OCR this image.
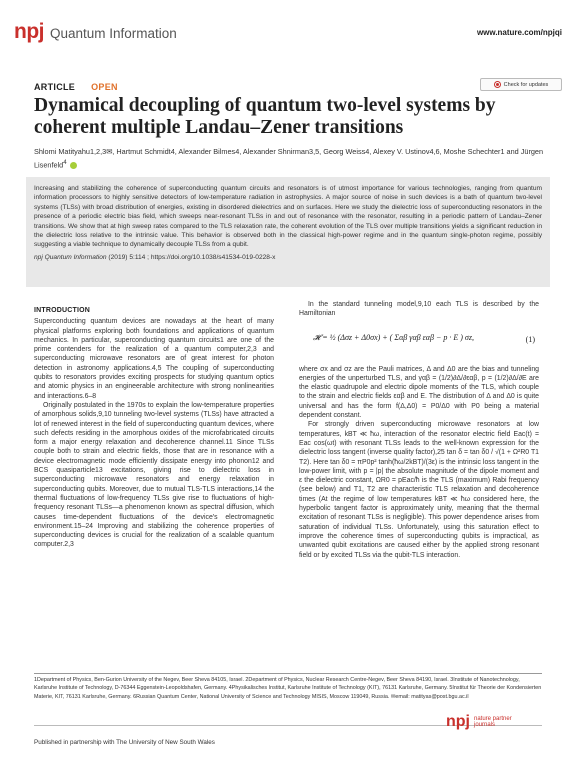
npj Quantum Information	www.nature.com/npjqi
ARTICLE OPEN	Check for updates
Dynamical decoupling of quantum two-level systems by coherent multiple Landau–Zener transitions
Shlomi Matityahu1,2,3✉, Hartmut Schmidt4, Alexander Bilmes4, Alexander Shnirman3,5, Georg Weiss4, Alexey V. Ustinov4,6, Moshe Schechter1 and Jürgen Lisenfeld$^4$

Increasing and stabilizing the coherence of superconducting quantum circuits and resonators is of utmost importance for various technologies, ranging from quantum information processors to highly sensitive detectors of low-temperature radiation in astrophysics. A major source of noise in such devices is a bath of quantum two-level systems (TLSs) with broad distribution of energies, existing in disordered dielectrics and on surfaces. Here we study the dielectric loss of superconducting resonators in the presence of a periodic electric bias field, which sweeps near-resonant TLSs in and out of resonance with the resonator, resulting in a periodic pattern of Landau–Zener transitions. We show that at high sweep rates compared to the TLS relaxation rate, the coherent evolution of the TLS over multiple transitions yields a significant reduction in the dielectric loss relative to the intrinsic value. This behavior is observed both in the classical high-power regime and in the quantum single-photon regime, possibly suggesting a viable technique to dynamically decouple TLSs from a qubit.

npj Quantum Information (2019) 5:114 ; https://doi.org/10.1038/s41534-019-0228-x

INTRODUCTION

Superconducting quantum devices are nowadays at the heart of many physical platforms exploring both foundations and applications of quantum mechanics. In particular, superconducting quantum circuits1 are one of the prime contenders for the realization of a quantum computer,2,3 and superconducting microwave resonators are of great interest for photon detection in astronomy applications.4,5 The coupling of superconducting qubits to resonators provides exciting prospects for studying quantum optics and atomic physics in an engineerable architecture with strong nonlinearities and interactions.6–8

Originally postulated in the 1970s to explain the low-temperature properties of amorphous solids,9,10 tunneling two-level systems (TLSs) have attracted a lot of renewed interest in the field of superconducting quantum devices, where such defects residing in the amorphous oxides of the microfabricated circuits form a major energy relaxation and decoherence channel.11 Since TLSs couple both to strain and electric fields, those that are in resonance with a device electromagnetic mode efficiently dissipate energy into phonon12 and BCS quasiparticle13 excitations, giving rise to dielectric loss in superconducting microwave resonators and energy relaxation in superconducting qubits. Moreover, due to mutual TLS-TLS interactions,14 the thermal fluctuations of low-frequency TLSs give rise to fluctuations of high-frequency resonant TLSs—a phenomenon known as spectral diffusion, which causes time-dependent fluctuations of the device's electromagnetic environment.15–24 Improving and stabilizing the coherence properties of superconducting devices is crucial for the realization of a scalable quantum computer.2,3

In the standard tunneling model,9,10 each TLS is described by the Hamiltonian

𝓗 = ½ (Δσz + Δ0σx) + ( Σαβ γαβ εαβ − p · E ) σz,	(1)

where σx and σz are the Pauli matrices, Δ and Δ0 are the bias and tunneling energies of the unperturbed TLS, and γαβ = (1/2)∂Δ/∂εαβ, p = (1/2)∂Δ/∂E are the elastic quadrupole and electric dipole moments of the TLS, which couple to the strain and electric fields εαβ and E. The distribution of Δ and Δ0 is quite universal and has the form f(Δ,Δ0) = P0/Δ0 with P0 being a material dependent constant.

For strongly driven superconducting microwave resonators at low temperatures, kBT ≪ ħω, interaction of the resonator electric field Eac(t) = Eac cos(ωt) with resonant TLSs leads to the well-known expression for the dielectric loss tangent (inverse quality factor),25 tan δ = tan δ0 / √(1 + Ω²R0 T1 T2). Here tan δ0 = πP0p² tanh(ħω/2kBT)/(3ε) is the intrinsic loss tangent in the low-power limit, with p = |p| the absolute magnitude of the dipole moment and ε the dielectric constant, ΩR0 = pEac/ħ is the TLS (maximum) Rabi frequency (see below) and T1, T2 are characteristic TLS relaxation and decoherence times (At the regime of low temperatures kBT ≪ ħω considered here, the hyperbolic tangent factor is approximately unity, meaning that the thermal excitation of resonant TLSs is negligible). This power dependence arises from saturation of individual TLSs. Unfortunately, using this saturation effect to improve the coherence times of superconducting qubits is impractical, as unwanted qubit excitations are caused either by the applied strong resonant field or by excited TLSs via the qubit-TLS interaction.

1Department of Physics, Ben-Gurion University of the Negev, Beer Sheva 84105, Israel. 2Department of Physics, Nuclear Research Centre-Negev, Beer Sheva 84190, Israel. 3Institute of Nanotechnology, Karlsruhe Institute of Technology, D-76344 Eggenstein-Leopoldshafen, Germany. 4Physikalisches Institut, Karlsruhe Institute of Technology (KIT), 76131 Karlsruhe, Germany. 5Institut für Theorie der Kondensierten Materie, KIT, 76131 Karlsruhe, Germany. 6Russian Quantum Center, National University of Science and Technology MISIS, Moscow 119049, Russia. ✉email: matityas@post.bgu.ac.il
Published in partnership with The University of New South Wales
npj nature partner
journals
